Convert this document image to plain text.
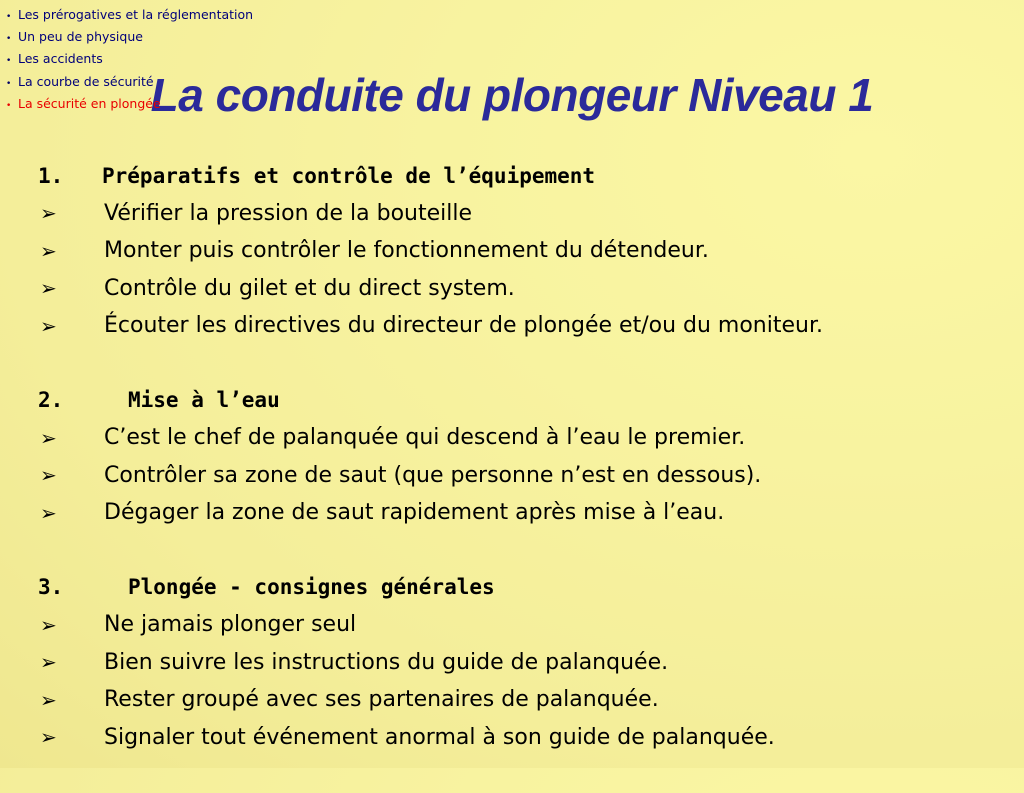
• Les prérogatives et la réglementation
• Un peu de physique
• Les accidents
• La courbe de sécurité
• La sécurité en plongée
La conduite du plongeur Niveau 1
1.	Préparatifs et contrôle de l’équipement
➢	Vérifier la pression de la bouteille
➢	Monter puis contrôler le fonctionnement du détendeur.
➢	Contrôle du gilet et du direct system.
➢	Écouter les directives du directeur de plongée et/ou du moniteur.
2.	Mise à l’eau
➢	C’est le chef de palanquée qui descend à l’eau le premier.
➢	Contrôler sa zone de saut (que personne n’est en dessous).
➢	Dégager la zone de saut rapidement après mise à l’eau.
3.	Plongée - consignes générales
➢	Ne jamais plonger seul
➢	Bien suivre les instructions du guide de palanquée.
➢	Rester groupé avec ses partenaires de palanquée.
➢	Signaler tout événement anormal à son guide de palanquée.
